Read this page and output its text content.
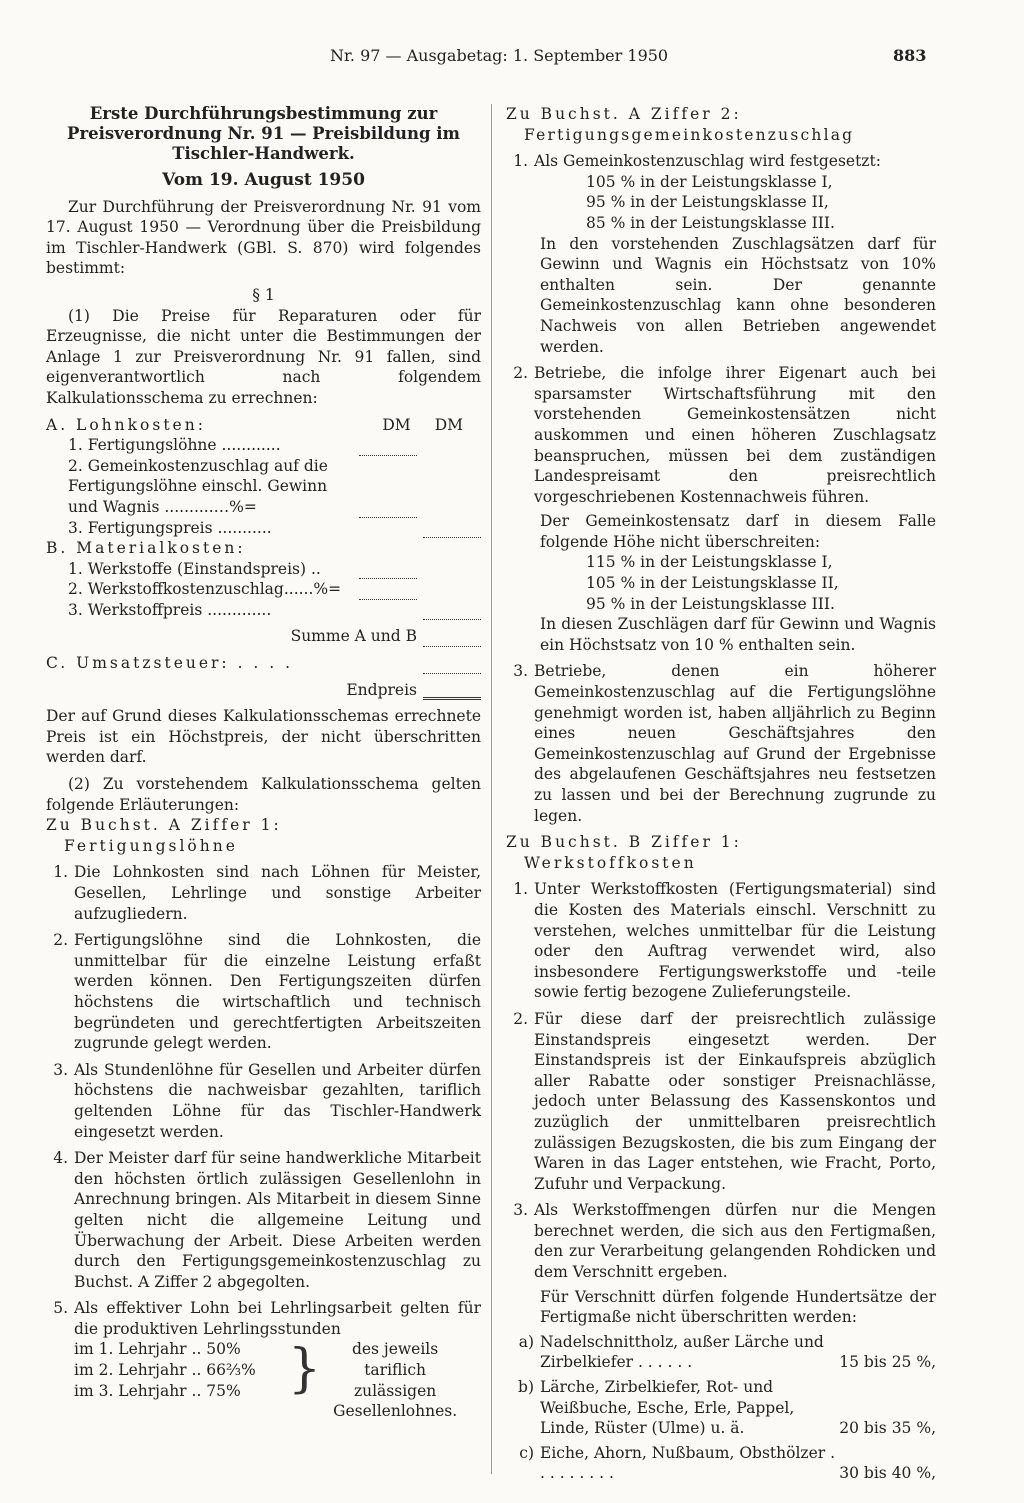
Nr. 97 — Ausgabetag: 1. September 1950	883

Erste Durchführungsbestimmung zur Preisverordnung Nr. 91 — Preisbildung im Tischler-Handwerk.

Vom 19. August 1950

Zur Durchführung der Preisverordnung Nr. 91 vom 17. August 1950 — Verordnung über die Preisbildung im Tischler-Handwerk (GBl. S. 870) wird folgendes bestimmt:

§ 1

(1) Die Preise für Reparaturen oder für Erzeugnisse, die nicht unter die Bestimmungen der Anlage 1 zur Preisverordnung Nr. 91 fallen, sind eigenverantwortlich nach folgendem Kalkulationsschema zu errechnen:

A. Lohnkosten:	DM DM
1. Fertigungslöhne ............
2. Gemeinkostenzuschlag auf die Fertigungslöhne einschl. Gewinn und Wagnis ..........…%=
3. Fertigungspreis ...........

B. Materialkosten:

1. Werkstoffe (Einstandspreis) ..
2. Werkstoffkostenzuschlag......%=
3. Werkstoffpreis .............
Summe A und B
C. Umsatzsteuer: . . . .
Endpreis

Der auf Grund dieses Kalkulationsschemas errechnete Preis ist ein Höchstpreis, der nicht überschritten werden darf.

(2) Zu vorstehendem Kalkulationsschema gelten folgende Erläuterungen:

Zu Buchst. A Ziffer 1:

Fertigungslöhne

1. Die Lohnkosten sind nach Löhnen für Meister, Gesellen, Lehrlinge und sonstige Arbeiter aufzugliedern.
2. Fertigungslöhne sind die Lohnkosten, die unmittelbar für die einzelne Leistung erfaßt werden können. Den Fertigungszeiten dürfen höchstens die wirtschaftlich und technisch begründeten und gerechtfertigten Arbeitszeiten zugrunde gelegt werden.
3. Als Stundenlöhne für Gesellen und Arbeiter dürfen höchstens die nachweisbar gezahlten, tariflich geltenden Löhne für das Tischler-Handwerk eingesetzt werden.
4. Der Meister darf für seine handwerkliche Mitarbeit den höchsten örtlich zulässigen Gesellenlohn in Anrechnung bringen. Als Mitarbeit in diesem Sinne gelten nicht die allgemeine Leitung und Überwachung der Arbeit. Diese Arbeiten werden durch den Fertigungsgemeinkostenzuschlag zu Buchst. A Ziffer 2 abgegolten.
5. Als effektiver Lohn bei Lehrlingsarbeit gelten für die produktiven Lehrlingsstunden
im 1. Lehrjahr .. 50%
im 2. Lehrjahr .. 66⅔%
im 3. Lehrjahr .. 75% }	des jeweils tariflich zulässigen Gesellenlohnes.

Zu Buchst. A Ziffer 2:

Fertigungsgemeinkostenzuschlag

1. Als Gemeinkostenzuschlag wird festgesetzt:
105 % in der Leistungsklasse I,
95 % in der Leistungsklasse II,
85 % in der Leistungsklasse III.

In den vorstehenden Zuschlagsätzen darf für Gewinn und Wagnis ein Höchstsatz von 10% enthalten sein. Der genannte Gemeinkostenzuschlag kann ohne besonderen Nachweis von allen Betrieben angewendet werden.

2. Betriebe, die infolge ihrer Eigenart auch bei sparsamster Wirtschaftsführung mit den vorstehenden Gemeinkostensätzen nicht auskommen und einen höheren Zuschlagsatz beanspruchen, müssen bei dem zuständigen Landespreisamt den preisrechtlich vorgeschriebenen Kostennachweis führen.

Der Gemeinkostensatz darf in diesem Falle folgende Höhe nicht überschreiten:

115 % in der Leistungsklasse I,
105 % in der Leistungsklasse II,
95 % in der Leistungsklasse III.

In diesen Zuschlägen darf für Gewinn und Wagnis ein Höchstsatz von 10 % enthalten sein.

3. Betriebe, denen ein höherer Gemeinkostenzuschlag auf die Fertigungslöhne genehmigt worden ist, haben alljährlich zu Beginn eines neuen Geschäftsjahres den Gemeinkostenzuschlag auf Grund der Ergebnisse des abgelaufenen Geschäftsjahres neu festsetzen zu lassen und bei der Berechnung zugrunde zu legen.

Zu Buchst. B Ziffer 1:

Werkstoffkosten

1. Unter Werkstoffkosten (Fertigungsmaterial) sind die Kosten des Materials einschl. Verschnitt zu verstehen, welches unmittelbar für die Leistung oder den Auftrag verwendet wird, also insbesondere Fertigungswerkstoffe und -teile sowie fertig bezogene Zulieferungsteile.
2. Für diese darf der preisrechtlich zulässige Einstandspreis eingesetzt werden. Der Einstandspreis ist der Einkaufspreis abzüglich aller Rabatte oder sonstiger Preisnachlässe, jedoch unter Belassung des Kassenskontos und zuzüglich der unmittelbaren preisrechtlich zulässigen Bezugskosten, die bis zum Eingang der Waren in das Lager entstehen, wie Fracht, Porto, Zufuhr und Verpackung.
3. Als Werkstoffmengen dürfen nur die Mengen berechnet werden, die sich aus den Fertigmaßen, den zur Verarbeitung gelangenden Rohdicken und dem Verschnitt ergeben.

Für Verschnitt dürfen folgende Hundertsätze der Fertigmaße nicht überschritten werden:

a) Nadelschnittholz, außer Lärche und Zirbelkiefer . . . . . .	15 bis 25 %,
b) Lärche, Zirbelkiefer, Rot- und Weißbuche, Esche, Erle, Pappel, Linde, Rüster (Ulme) u. ä.	20 bis 35 %,
c) Eiche, Ahorn, Nußbaum, Obsthölzer . . . . . . . . .	30 bis 40 %,
